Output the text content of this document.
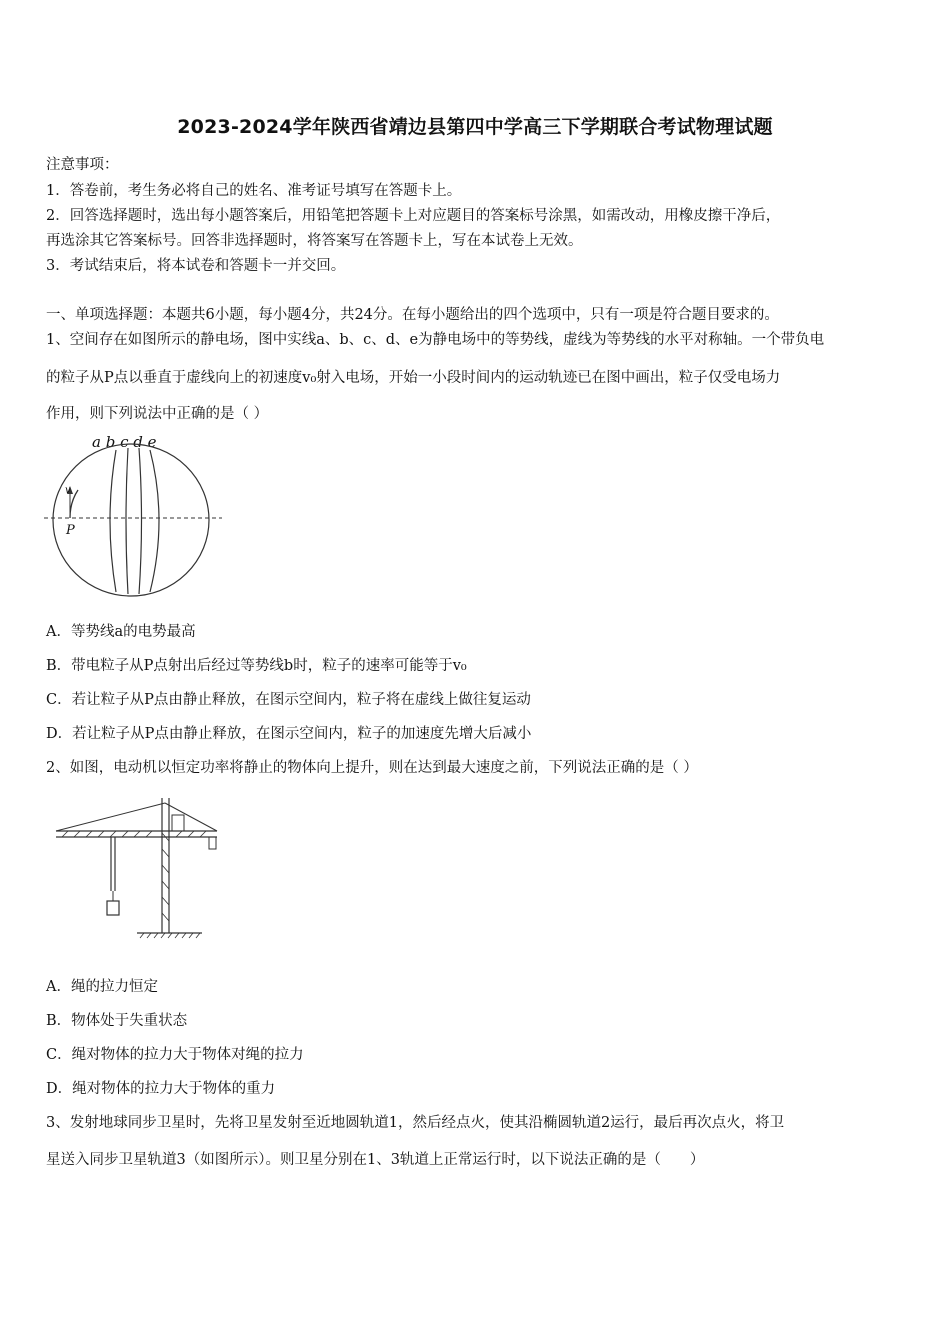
2023-2024学年陕西省靖边县第四中学高三下学期联合考试物理试题
注意事项：
1．答卷前，考生务必将自己的姓名、准考证号填写在答题卡上。
2．回答选择题时，选出每小题答案后，用铅笔把答题卡上对应题目的答案标号涂黑，如需改动，用橡皮擦干净后，
再选涂其它答案标号。回答非选择题时，将答案写在答题卡上，写在本试卷上无效。
3．考试结束后，将本试卷和答题卡一并交回。
一、单项选择题：本题共6小题，每小题4分，共24分。在每小题给出的四个选项中，只有一项是符合题目要求的。
1、空间存在如图所示的静电场，图中实线a、b、c、d、e为静电场中的等势线，虚线为等势线的水平对称轴。一个带负电
的粒子从P点以垂直于虚线向上的初速度v₀射入电场，开始一小段时间内的运动轨迹已在图中画出，粒子仅受电场力
作用，则下列说法中正确的是（ ）
a b c d e
v
P
A．等势线a的电势最高
B．带电粒子从P点射出后经过等势线b时，粒子的速率可能等于v₀
C．若让粒子从P点由静止释放，在图示空间内，粒子将在虚线上做往复运动
D．若让粒子从P点由静止释放，在图示空间内，粒子的加速度先增大后减小
2、如图，电动机以恒定功率将静止的物体向上提升，则在达到最大速度之前，下列说法正确的是（ ）
A．绳的拉力恒定
B．物体处于失重状态
C．绳对物体的拉力大于物体对绳的拉力
D．绳对物体的拉力大于物体的重力
3、发射地球同步卫星时，先将卫星发射至近地圆轨道1，然后经点火，使其沿椭圆轨道2运行，最后再次点火，将卫
星送入同步卫星轨道3（如图所示）。则卫星分别在1、3轨道上正常运行时，以下说法正确的是（　　）
